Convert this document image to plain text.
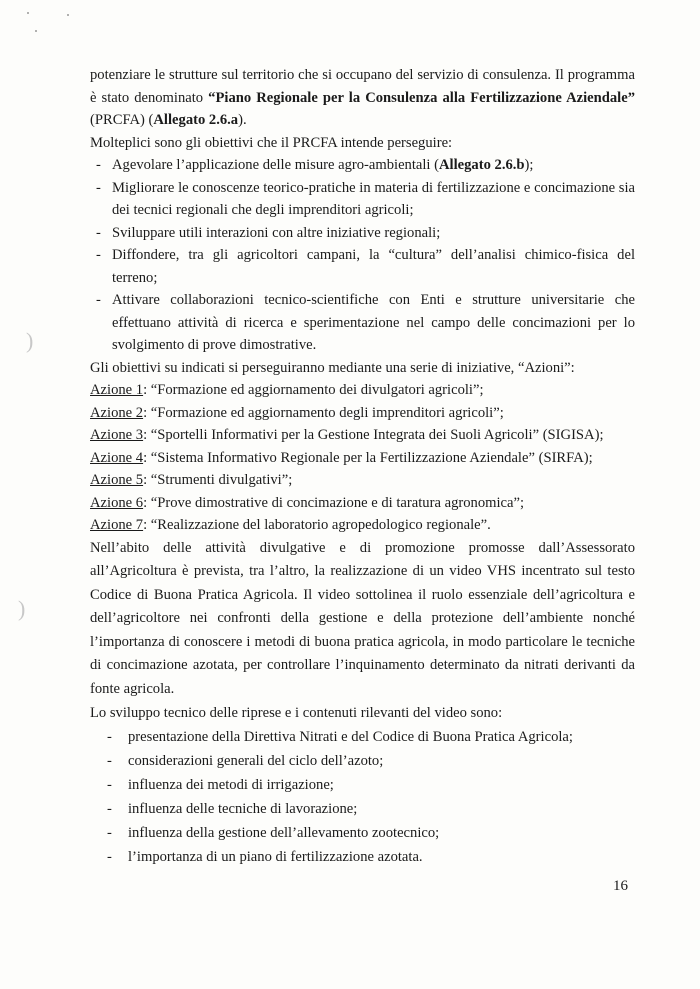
)
)

potenziare le strutture sul territorio che si occupano del servizio di consulenza. Il programma è stato denominato “Piano Regionale per la Consulenza alla Fertilizzazione Aziendale” (PRCFA) (Allegato 2.6.a).

Molteplici sono gli obiettivi che il PRCFA intende perseguire:

- Agevolare l’applicazione delle misure agro-ambientali (Allegato 2.6.b);
- Migliorare le conoscenze teorico-pratiche in materia di fertilizzazione e concimazione sia dei tecnici regionali che degli imprenditori agricoli;
- Sviluppare utili interazioni con altre iniziative regionali;
- Diffondere, tra gli agricoltori campani, la “cultura” dell’analisi chimico-fisica del terreno;
- Attivare collaborazioni tecnico-scientifiche con Enti e strutture universitarie che effettuano attività di ricerca e sperimentazione nel campo delle concimazioni per lo svolgimento di prove dimostrative.

Gli obiettivi su indicati si perseguiranno mediante una serie di iniziative, “Azioni”:

Azione 1: “Formazione ed aggiornamento dei divulgatori agricoli”;

Azione 2: “Formazione ed aggiornamento degli imprenditori agricoli”;

Azione 3: “Sportelli Informativi per la Gestione Integrata dei Suoli Agricoli” (SIGISA);

Azione 4: “Sistema Informativo Regionale per la Fertilizzazione Aziendale” (SIRFA);

Azione 5: “Strumenti divulgativi”;

Azione 6: “Prove dimostrative di concimazione e di taratura agronomica”;

Azione 7: “Realizzazione del laboratorio agropedologico regionale”.

Nell’abito delle attività divulgative e di promozione promosse dall’Assessorato all’Agricoltura è prevista, tra l’altro, la realizzazione di un video VHS incentrato sul testo Codice di Buona Pratica Agricola. Il video sottolinea il ruolo essenziale dell’agricoltura e dell’agricoltore nei confronti della gestione e della protezione dell’ambiente nonché l’importanza di conoscere i metodi di buona pratica agricola, in modo particolare le tecniche di concimazione azotata, per controllare l’inquinamento determinato da nitrati derivanti da fonte agricola.

Lo sviluppo tecnico delle riprese e i contenuti rilevanti del video sono:

- presentazione della Direttiva Nitrati e del Codice di Buona Pratica Agricola;
- considerazioni generali del ciclo dell’azoto;
- influenza dei metodi di irrigazione;
- influenza delle tecniche di lavorazione;
- influenza della gestione dell’allevamento zootecnico;
- l’importanza di un piano di fertilizzazione azotata.
16
